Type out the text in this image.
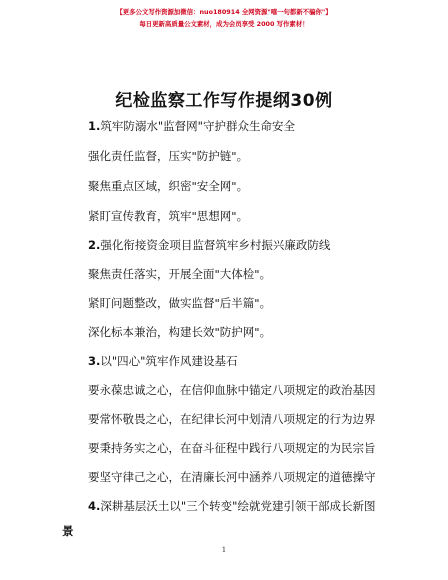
【更多公文写作资源加微信：nuo180914 全网资源"嘻一句都新不骗你"】
每日更新高质量公文素材，成为会员享受 2000 写作素材！
纪检监察工作写作提纲30例
1.筑牢防溺水"监督网"守护群众生命安全
强化责任监督，压实"防护链"。
聚焦重点区域，织密"安全网"。
紧盯宣传教育，筑牢"思想网"。
2.强化衔接资金项目监督筑牢乡村振兴廉政防线
聚焦责任落实，开展全面"大体检"。
紧盯问题整改，做实监督"后半篇"。
深化标本兼治，构建长效"防护网"。
3.以"四心"筑牢作风建设基石
要永葆忠诚之心，在信仰血脉中锚定八项规定的政治基因
要常怀敬畏之心，在纪律长河中划清八项规定的行为边界
要秉持务实之心，在奋斗征程中践行八项规定的为民宗旨
要坚守律己之心，在清廉长河中涵养八项规定的道德操守
4.深耕基层沃土以"三个转变"绘就党建引领干部成长新图
景
1
